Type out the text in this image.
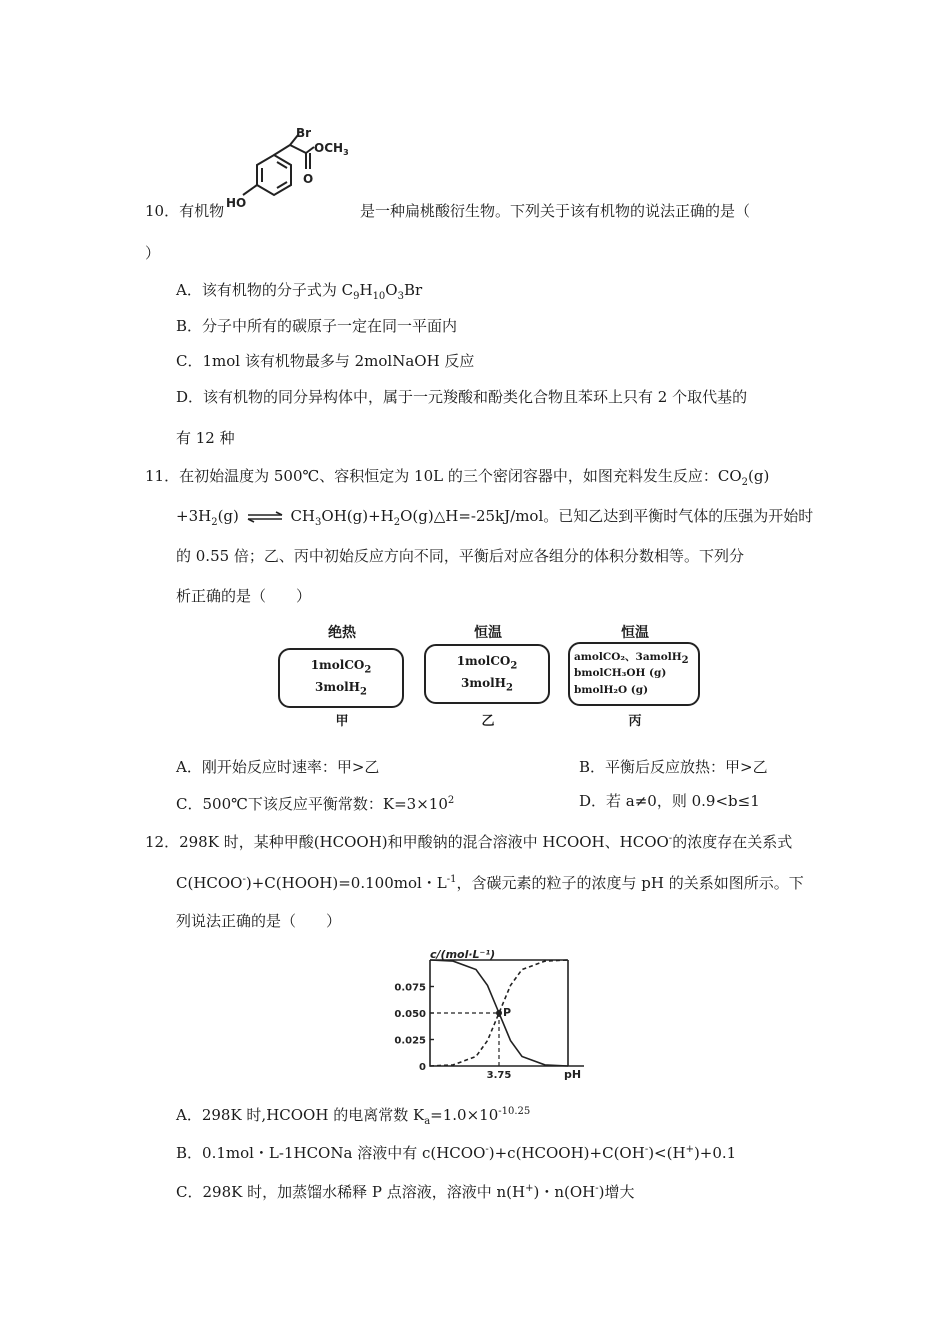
Br
$OCH_3$
O
HO
10．有机物	是一种扁桃酸衍生物。下列关于该有机物的说法正确的是（
）
A．该有机物的分子式为 $C_9H_{10}O_3Br$
B．分子中所有的碳原子一定在同一平面内
C．1mol 该有机物最多与 2molNaOH 反应
D．该有机物的同分异构体中，属于一元羧酸和酚类化合物且苯环上只有 2 个取代基的
有 12 种
11．在初始温度为 500℃、容积恒定为 10L 的三个密闭容器中，如图充料发生反应：$CO_2(g)$
$+3H_2(g)$ ⇌ $CH_3OH(g)+H_2O(g)\triangle H=-25kJ$/mol。已知乙达到平衡时气体的压强为开始时
的 0.55 倍；乙、丙中初始反应方向不同，平衡后对应各组分的体积分数相等。下列分
析正确的是（　　）
绝热
1molCO$_2$
3molH$_2$
甲
恒温
1molCO$_2$
3molH$_2$
乙
恒温
amolCO₂、3amolH$_2$
bmolCH₃OH (g)
bmolH₂O (g)
丙
A．刚开始反应时速率：甲>乙	B．平衡后反应放热：甲>乙
C．500℃下该反应平衡常数：$K=3\times 10^2$	D．若 a≠0，则 0.9<b≤1
12．298K 时，某种甲酸(HCOOH)和甲酸钠的混合溶液中 HCOOH、HCOO-的浓度存在关系式
C(HCOO-)+C(HOOH)=0.100mol・$L^{-1}$，含碳元素的粒子的浓度与 pH 的关系如图所示。下
列说法正确的是（　　）
c/(mol·L⁻¹)
pH
0.075
0.050
0.025
0
P
3.75
A．298K 时,HCOOH 的电离常数 $K_a=1.0\times 10^{-10.25}$
B．0.1mol・L-1HCONa 溶液中有 c(HCOO-)+c(HCOOH)+C(OH-)<(H+)+0.1
C．298K 时，加蒸馏水稀释 P 点溶液，溶液中 n(H+)・n(OH-)增大
